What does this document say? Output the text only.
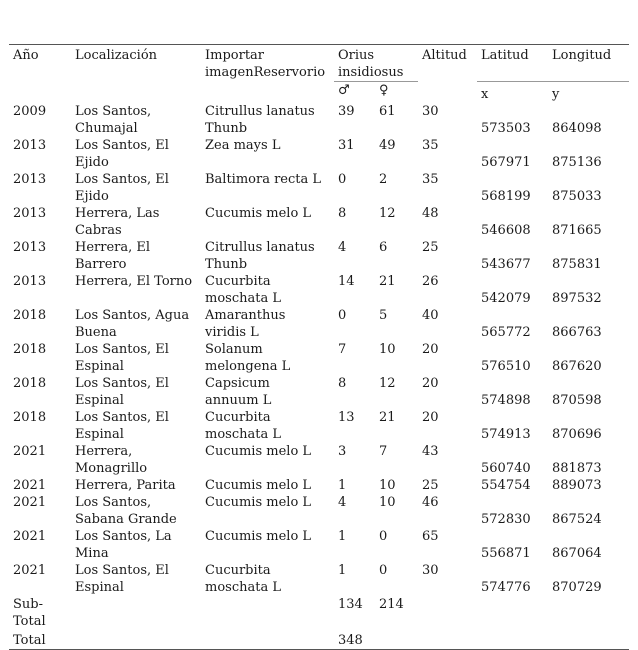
Año	Localización	Importar
imagenReservorio	Orius
insidiosus		Altitud	Latitud	Longitud
			♂	♀		x	y
2009	Los Santos,
Chumajal	Citrullus lanatus
Thunb	39	61	30	573503	864098
2013	Los Santos, El
Ejido	Zea mays L	31	49	35	567971	875136
2013	Los Santos, El
Ejido	Baltimora recta L	0	2	35	568199	875033
2013	Herrera, Las
Cabras	Cucumis melo L	8	12	48	546608	871665
2013	Herrera, El
Barrero	Citrullus lanatus
Thunb	4	6	25	543677	875831
2013	Herrera, El Torno	Cucurbita
moschata L	14	21	26	542079	897532
2018	Los Santos, Agua
Buena	Amaranthus
viridis L	0	5	40	565772	866763
2018	Los Santos, El
Espinal	Solanum
melongena L	7	10	20	576510	867620
2018	Los Santos, El
Espinal	Capsicum
annuum L	8	12	20	574898	870598
2018	Los Santos, El
Espinal	Cucurbita
moschata L	13	21	20	574913	870696
2021	Herrera,
Monagrillo	Cucumis melo L	3	7	43	560740	881873
2021	Herrera, Parita	Cucumis melo L	1	10	25	554754	889073
2021	Los Santos,
Sabana Grande	Cucumis melo L	4	10	46	572830	867524
2021	Los Santos, La
Mina	Cucumis melo L	1	0	65	556871	867064
2021	Los Santos, El
Espinal	Cucurbita
moschata L	1	0	30	574776	870729
Sub-
Total			134	214			
Total			348				
